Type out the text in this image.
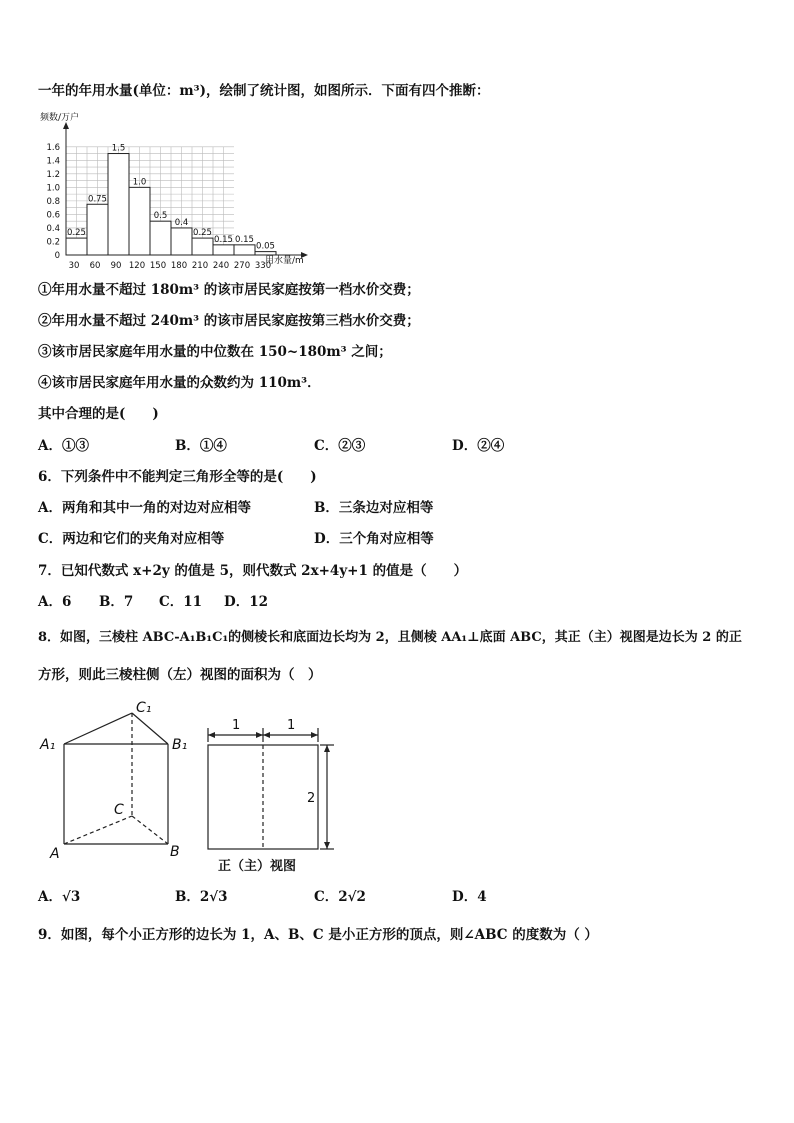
一年的年用水量(单位：m³)，绘制了统计图，如图所示．下面有四个推断：
0.25
0.75
1.5
1.0
0.5
0.4
0.25
0.15 0.15
0.05
0
0.2
0.4
0.6
0.8
1.0
1.2
1.4
1.6
30 60 90 120 150 180 210 240 270 330
频数/万户
用水量/m
①年用水量不超过 180m³ 的该市居民家庭按第一档水价交费；
②年用水量不超过 240m³ 的该市居民家庭按第三档水价交费；
③该市居民家庭年用水量的中位数在 150~180m³ 之间；
④该市居民家庭年用水量的众数约为 110m³．
其中合理的是(　　)
A．①③	B．①④	C．②③	D．②④
6．下列条件中不能判定三角形全等的是(　　)
A．两角和其中一角的对边对应相等	B．三条边对应相等
C．两边和它们的夹角对应相等	D．三个角对应相等
7．已知代数式 x+2y 的值是 5，则代数式 2x+4y+1 的值是（　　）
A．6 B．7 C．11 D．12
8．如图，三棱柱 ABC-A₁B₁C₁的侧棱长和底面边长均为 2，且侧棱 AA₁⊥底面 ABC，其正（主）视图是边长为 2 的正
方形，则此三棱柱侧（左）视图的面积为（　）
C₁
A₁	B₁
C
A	B
1	1
2
正（主）视图
A．√3	B．2√3	C．2√2	D．4
9．如图，每个小正方形的边长为 1，A、B、C 是小正方形的顶点，则∠ABC 的度数为（ ）
